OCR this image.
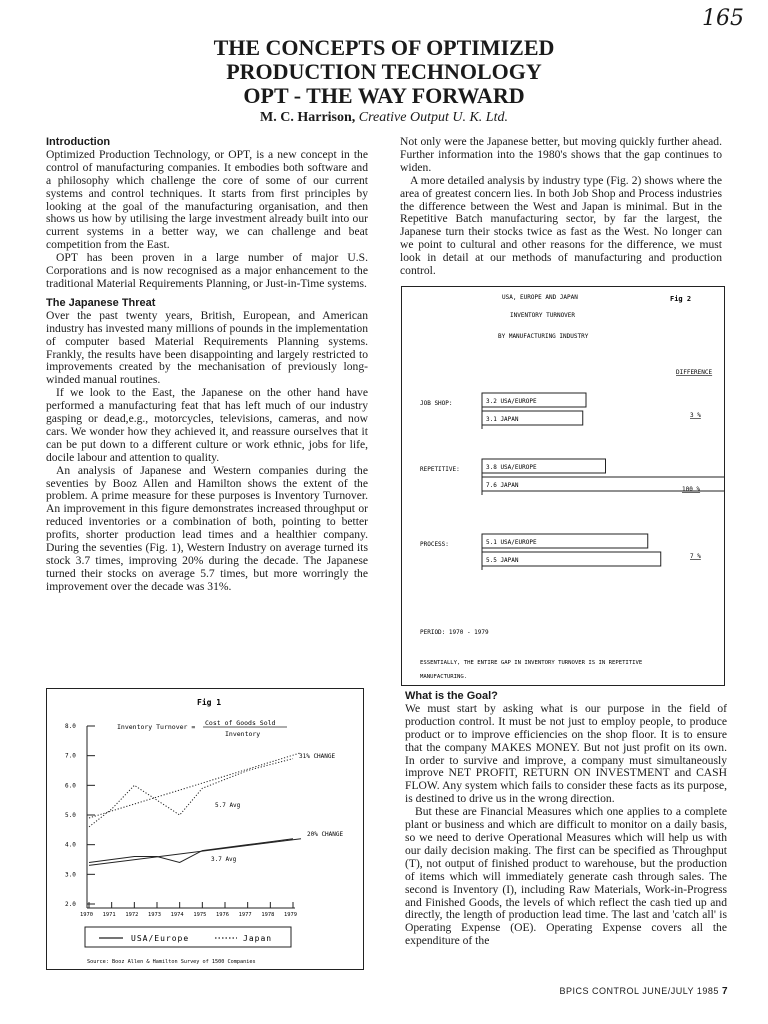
165
THE CONCEPTS OF OPTIMIZED
PRODUCTION TECHNOLOGY
OPT - THE WAY FORWARD
M. C. Harrison, Creative Output U. K. Ltd.

Introduction

Optimized Production Technology, or OPT, is a new concept in the control of manufacturing companies. It embodies both software and a philosophy which challenge the core of some of our current systems and control techniques. It starts from first principles by looking at the goal of the manufacturing organisation, and then shows us how by utilising the large investment already built into our current systems in a better way, we can challenge and beat competition from the East.

OPT has been proven in a large number of major U.S. Corporations and is now recognised as a major enhancement to the traditional Material Requirements Planning, or Just-in-Time systems.

The Japanese Threat

Over the past twenty years, British, European, and American industry has invested many millions of pounds in the implementation of computer based Material Requirements Planning systems. Frankly, the results have been disappointing and largely restricted to improvements created by the mechanisation of previously long-winded manual routines.

If we look to the East, the Japanese on the other hand have performed a manufacturing feat that has left much of our industry gasping or dead,e.g., motorcycles, televisions, cameras, and now cars. We wonder how they achieved it, and reassure ourselves that it can be put down to a different culture or work ethnic, jobs for life, docile labour and attention to quality.

An analysis of Japanese and Western companies during the seventies by Booz Allen and Hamilton shows the extent of the problem. A prime measure for these purposes is Inventory Turnover. An improvement in this figure demonstrates increased throughput or reduced inventories or a combination of both, pointing to better profits, shorter production lead times and a healthier company. During the seventies (Fig. 1), Western Industry on average turned its stock 3.7 times, improving 20% during the decade. The Japanese turned their stocks on average 5.7 times, but more worringly the improvement over the decade was 31%.

Fig 1
Inventory Turnover = Cost of Goods Sold
Inventory
2.0
3.0
4.0
5.0
6.0
7.0
8.0
1970 1971 1972 1973 1974 1975 1976 1977 1978 1979
31% CHANGE
5.7 Avg
20% CHANGE
3.7 Avg
USA/Europe	Japan
Source: Booz Allen & Hamilton Survey of 1500 Companies

Not only were the Japanese better, but moving quickly further ahead. Further information into the 1980's shows that the gap continues to widen.

A more detailed analysis by industry type (Fig. 2) shows where the area of greatest concern lies. In both Job Shop and Process industries the difference between the West and Japan is minimal. But in the Repetitive Batch manufacturing sector, by far the largest, the Japanese turn their stocks twice as fast as the West. No longer can we point to cultural and other reasons for the difference, we must look in detail at our methods of manufacturing and production control.

USA, EUROPE AND JAPAN	Fig 2
INVENTORY TURNOVER
BY MANUFACTURING INDUSTRY
DIFFERENCE
JOB SHOP:	3.2 USA/EUROPE
3.1 JAPAN
3 %
REPETITIVE:	3.8 USA/EUROPE
7.6 JAPAN
100 %
PROCESS:	5.1 USA/EUROPE
5.5 JAPAN
7 %
PERIOD: 1970 - 1979
ESSENTIALLY, THE ENTIRE GAP IN INVENTORY TURNOVER IS IN REPETITIVE
MANUFACTURING.

What is the Goal?

We must start by asking what is our purpose in the field of production control. It must be not just to employ people, to produce product or to improve efficiencies on the shop floor. It is to ensure that the company MAKES MONEY. But not just profit on its own. In order to survive and improve, a company must simultaneously improve NET PROFIT, RETURN ON INVESTMENT and CASH FLOW. Any system which fails to consider these facts as its purpose, is destined to drive us in the wrong direction.

But these are Financial Measures which one applies to a complete plant or business and which are difficult to monitor on a daily basis, so we need to derive Operational Measures which will help us with our daily decision making. The first can be specified as Throughput (T), not output of finished product to warehouse, but the production of items which will immediately generate cash through sales. The second is Inventory (I), including Raw Materials, Work-in-Progress and Finished Goods, the levels of which reflect the cash tied up and directly, the length of production lead time. The last and 'catch all' is Operating Expense (OE). Operating Expense covers all the expenditure of the

BPICS CONTROL JUNE/JULY 1985 7
